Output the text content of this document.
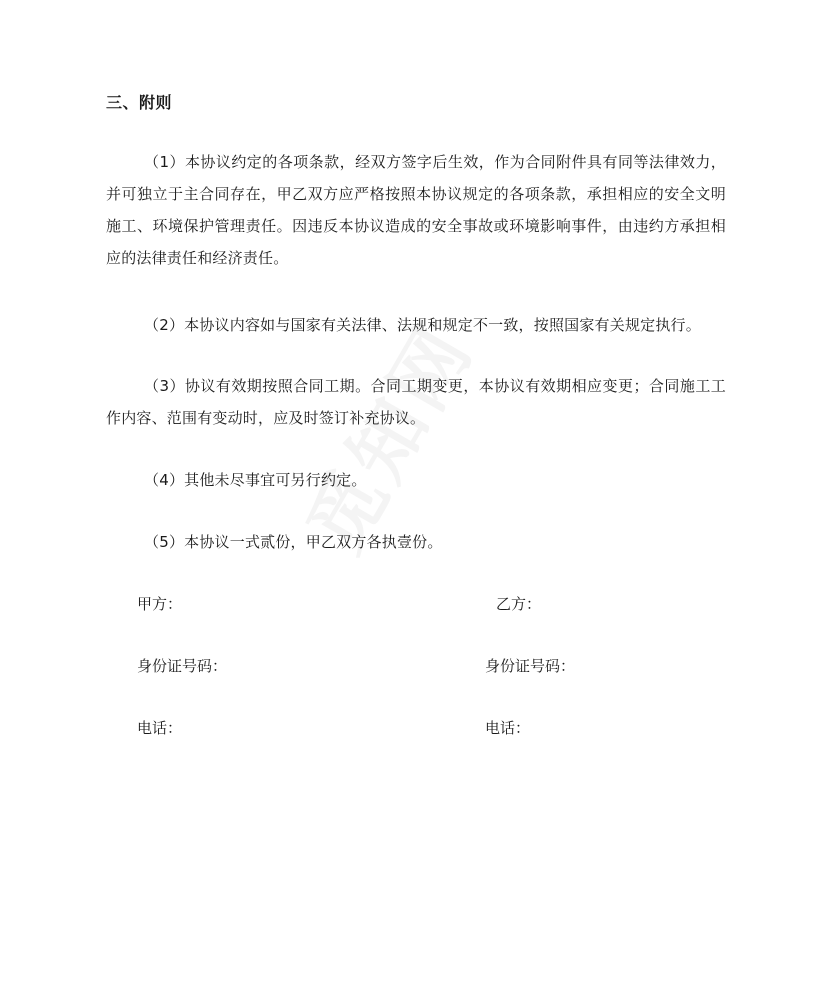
三、附则
（1）本协议约定的各项条款，经双方签字后生效，作为合同附件具有同等法律效力，并可独立于主合同存在，甲乙双方应严格按照本协议规定的各项条款，承担相应的安全文明施工、环境保护管理责任。因违反本协议造成的安全事故或环境影响事件，由违约方承担相应的法律责任和经济责任。
（2）本协议内容如与国家有关法律、法规和规定不一致，按照国家有关规定执行。
（3）协议有效期按照合同工期。合同工期变更，本协议有效期相应变更；合同施工工作内容、范围有变动时，应及时签订补充协议。
（4）其他未尽事宜可另行约定。
（5）本协议一式贰份，甲乙双方各执壹份。
甲方：	乙方：
身份证号码：	身份证号码：
电话：	电话：
